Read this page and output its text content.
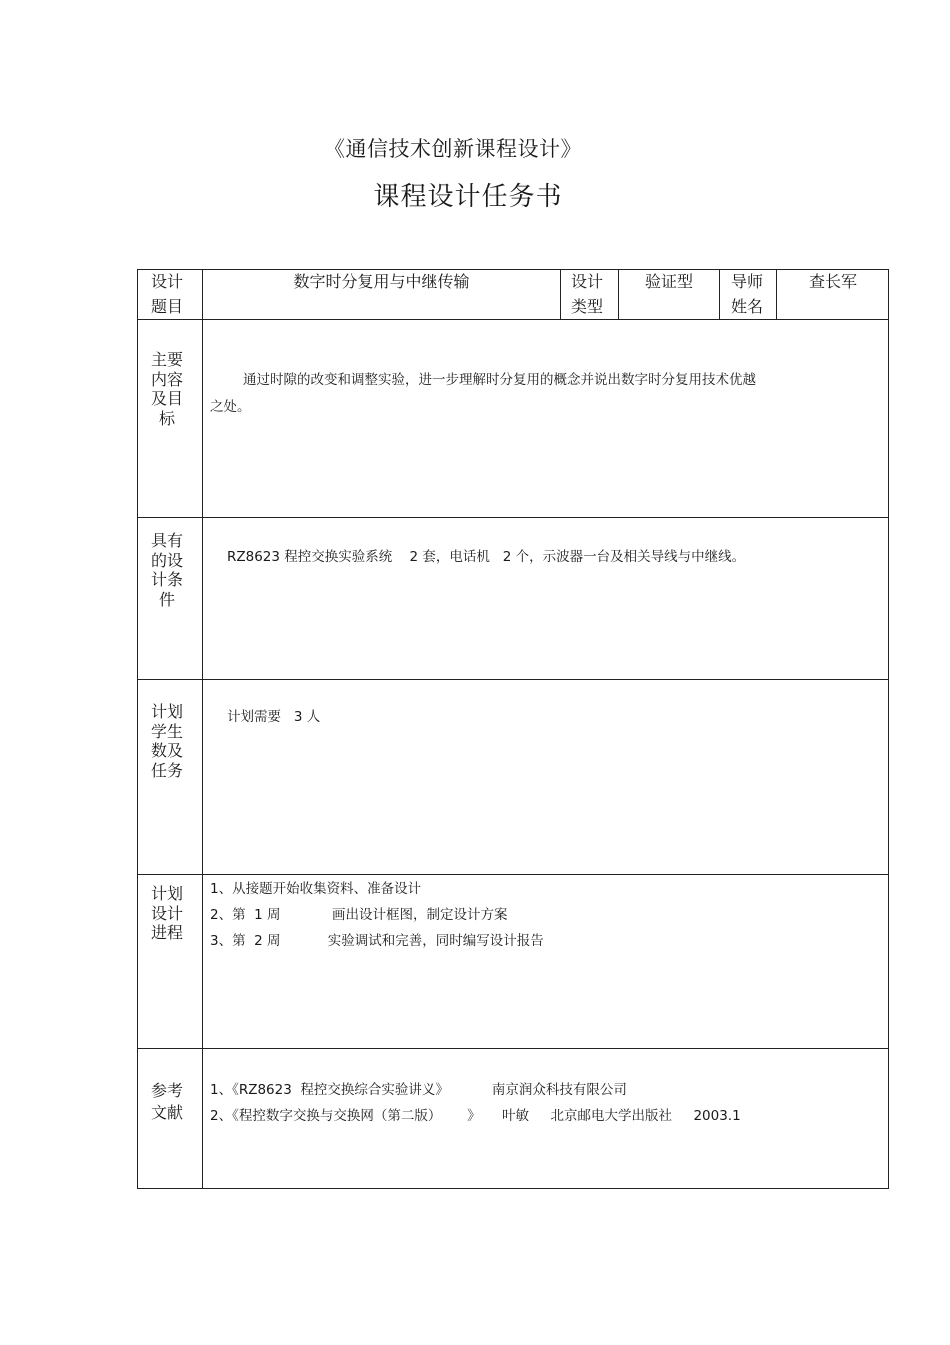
《通信技术创新课程设计》
课程设计任务书
设计
题目
数字时分复用与中继传输	设计
类型
验证型	导师
姓名
查长军
主要内容及目标
通过时隙的改变和调整实验，进一步理解时分复用的概念并说出数字时分复用技术优越
之处。
具有的设计条件
RZ8623 程控交换实验系统    2 套，电话机   2 个，示波器一台及相关导线与中继线。
计划学生数及任务
计划需要   3 人
计划设计进程
1、从接题开始收集资料、准备设计
2、第  1 周            画出设计框图，制定设计方案
3、第  2 周           实验调试和完善，同时编写设计报告
参考文献
1、《RZ8623  程控交换综合实验讲义》          南京润众科技有限公司
2、《程控数字交换与交换网（第二版）      》     叶敏     北京邮电大学出版社     2003.1
